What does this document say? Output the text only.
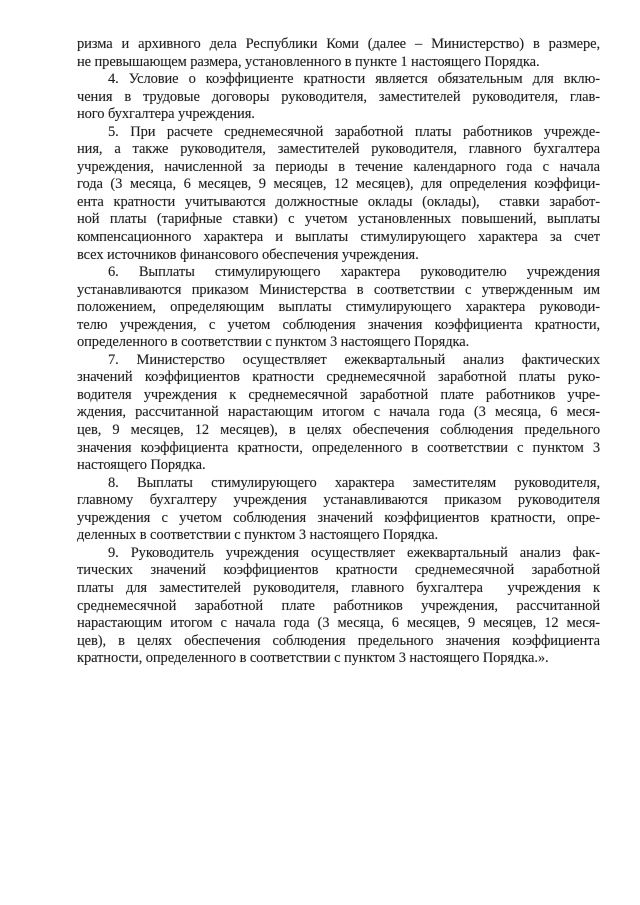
ризма и архивного дела Республики Коми (далее – Министерство) в размере,
не превышающем размера, установленного в пункте 1 настоящего Порядка.
4. Условие о коэффициенте кратности является обязательным для вклю-
чения в трудовые договоры руководителя, заместителей руководителя, глав-
ного бухгалтера учреждения.
5. При расчете среднемесячной заработной платы работников учрежде-
ния, а также руководителя, заместителей руководителя, главного бухгалтера
учреждения, начисленной за периоды в течение календарного года с начала
года (3 месяца, 6 месяцев, 9 месяцев, 12 месяцев), для определения коэффици-
ента кратности учитываются должностные оклады (оклады),  ставки заработ-
ной платы (тарифные ставки) с учетом установленных повышений, выплаты
компенсационного характера и выплаты стимулирующего характера за счет
всех источников финансового обеспечения учреждения.
6. Выплаты стимулирующего характера руководителю учреждения
устанавливаются приказом Министерства в соответствии с утвержденным им
положением, определяющим выплаты стимулирующего характера руководи-
телю учреждения, с учетом соблюдения значения коэффициента кратности,
определенного в соответствии с пунктом 3 настоящего Порядка.
7. Министерство осуществляет ежеквартальный анализ фактических
значений коэффициентов кратности среднемесячной заработной платы руко-
водителя учреждения к среднемесячной заработной плате работников учре-
ждения, рассчитанной нарастающим итогом с начала года (3 месяца, 6 меся-
цев, 9 месяцев, 12 месяцев), в целях обеспечения соблюдения предельного
значения коэффициента кратности, определенного в соответствии с пунктом 3
настоящего Порядка.
8. Выплаты стимулирующего характера заместителям руководителя,
главному бухгалтеру учреждения устанавливаются приказом руководителя
учреждения с учетом соблюдения значений коэффициентов кратности, опре-
деленных в соответствии с пунктом 3 настоящего Порядка.
9. Руководитель учреждения осуществляет ежеквартальный анализ фак-
тических значений коэффициентов кратности среднемесячной заработной
платы для заместителей руководителя, главного бухгалтера  учреждения к
среднемесячной заработной плате работников учреждения, рассчитанной
нарастающим итогом с начала года (3 месяца, 6 месяцев, 9 месяцев, 12 меся-
цев), в целях обеспечения соблюдения предельного значения коэффициента
кратности, определенного в соответствии с пунктом 3 настоящего Порядка.».
